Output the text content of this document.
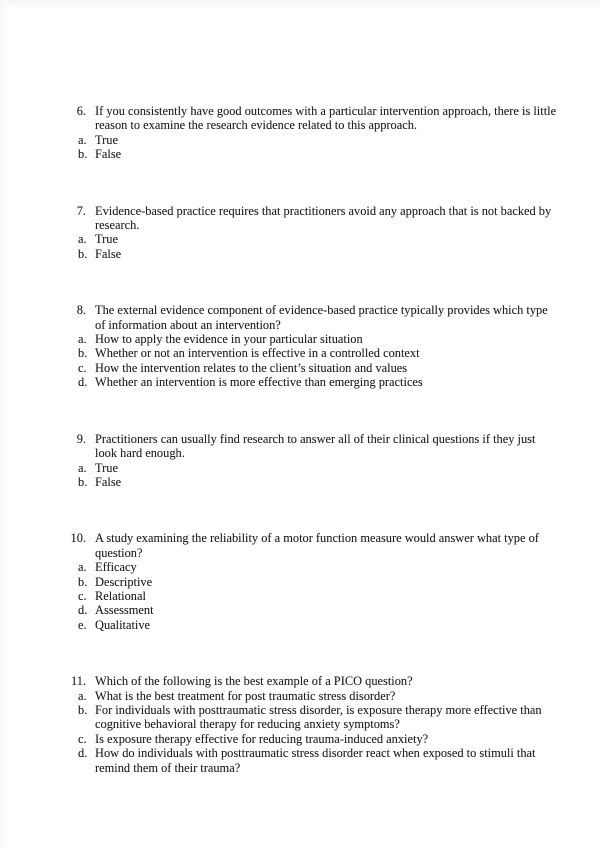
6. If you consistently have good outcomes with a particular intervention approach, there is little reason to examine the research evidence related to this approach.
a. True
b. False
7. Evidence-based practice requires that practitioners avoid any approach that is not backed by research.
a. True
b. False
8. The external evidence component of evidence-based practice typically provides which type of information about an intervention?
a. How to apply the evidence in your particular situation
b. Whether or not an intervention is effective in a controlled context
c. How the intervention relates to the client’s situation and values
d. Whether an intervention is more effective than emerging practices
9. Practitioners can usually find research to answer all of their clinical questions if they just look hard enough.
a. True
b. False
10. A study examining the reliability of a motor function measure would answer what type of question?
a. Efficacy
b. Descriptive
c. Relational
d. Assessment
e. Qualitative
11. Which of the following is the best example of a PICO question?
a. What is the best treatment for post traumatic stress disorder?
b. For individuals with posttraumatic stress disorder, is exposure therapy more effective than cognitive behavioral therapy for reducing anxiety symptoms?
c. Is exposure therapy effective for reducing trauma-induced anxiety?
d. How do individuals with posttraumatic stress disorder react when exposed to stimuli that remind them of their trauma?
